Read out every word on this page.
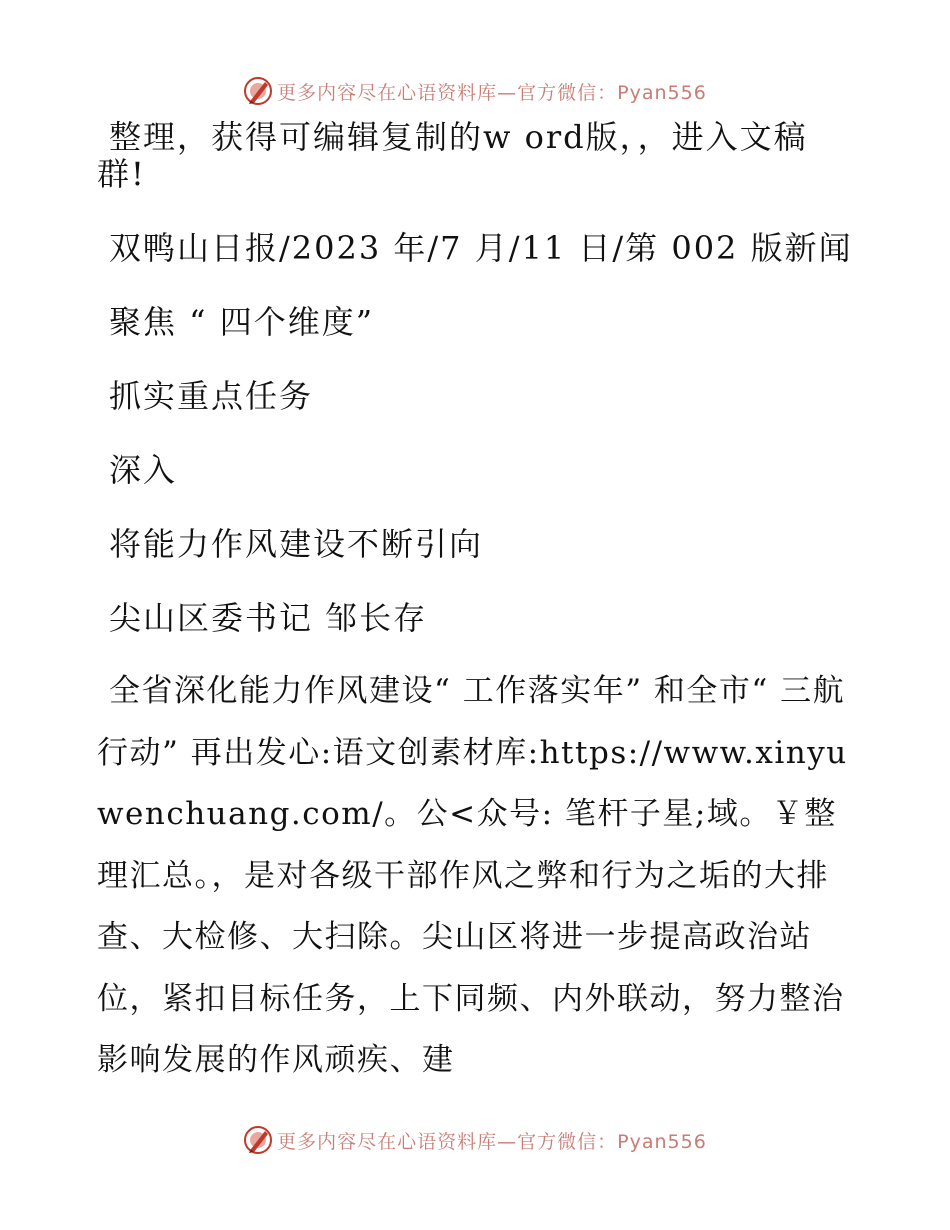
更多内容尽在心语资料库—官方微信：Pyan556
整理，获得可编辑复制的w ord版，，进入文稿
群!
双鸭山日报/2023 年/7 月/11 日/第 002 版新闻
聚焦 “ 四个维度”
抓实重点任务
深入
将能力作风建设不断引向
尖山区委书记 邹长存
全省深化能力作风建设“ 工作落实年” 和全市“ 三航行动” 再出发心:语文创素材库:https://www.xinyuwenchuang.com/。公<众号: 笔杆子星;域。￥整理汇总。，是对各级干部作风之弊和行为之垢的大排查、大检修、大扫除。尖山区将进一步提高政治站位，紧扣目标任务，上下同频、内外联动，努力整治影响发展的作风顽疾、建
更多内容尽在心语资料库—官方微信：Pyan556
